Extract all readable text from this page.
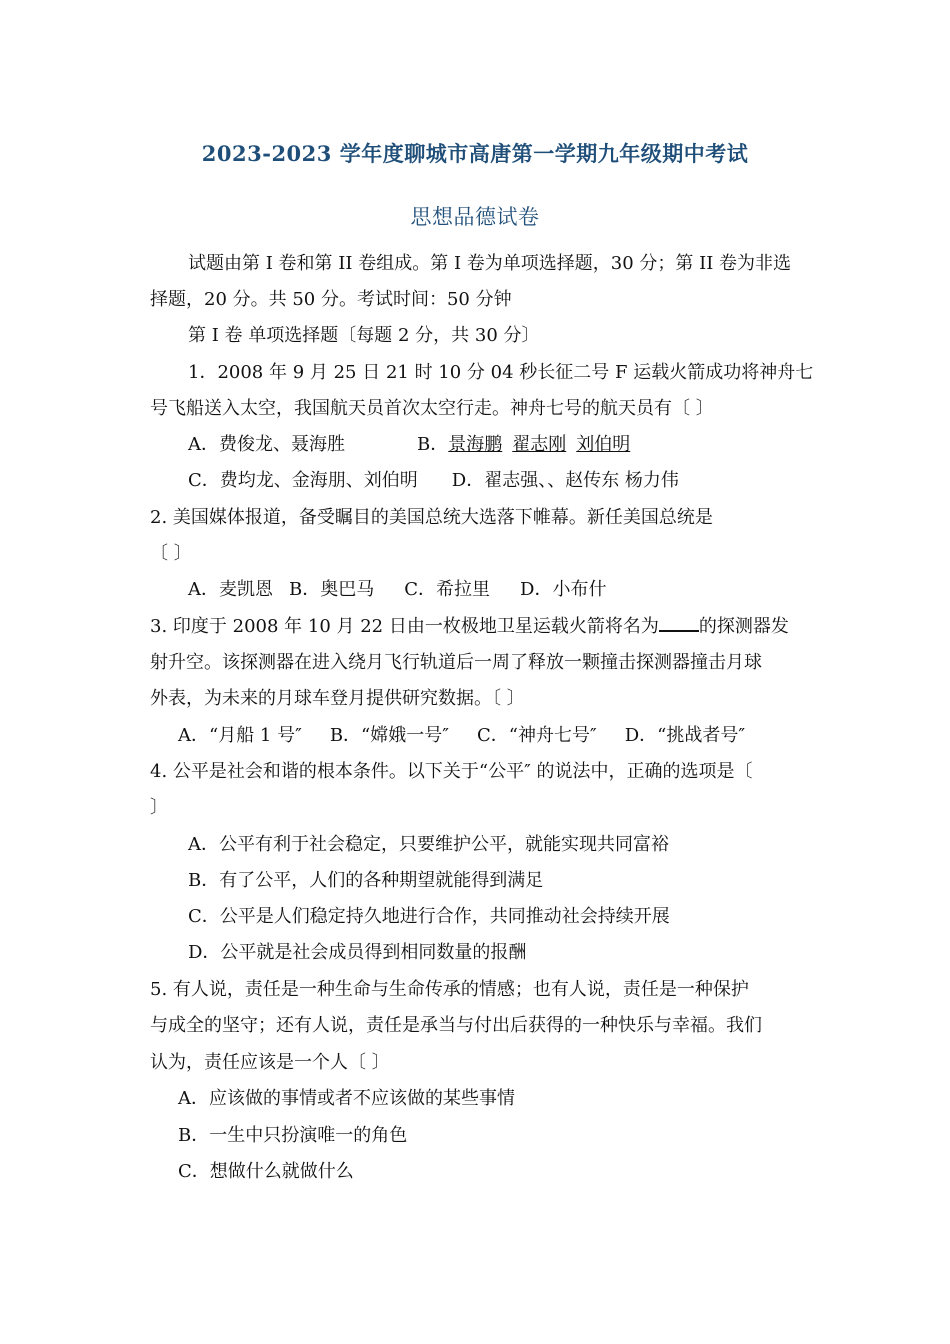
2023-2023 学年度聊城市高唐第一学期九年级期中考试
思想品德试卷
试题由第 I 卷和第 II 卷组成。第 I 卷为单项选择题，30 分；第 II 卷为非选
择题，20 分。共 50 分。考试时间：50 分钟
第 I 卷 单项选择题〔每题 2 分，共 30 分〕
1．2008 年 9 月 25 日 21 时 10 分 04 秒长征二号 F 运载火箭成功将神舟七
号飞船送入太空，我国航天员首次太空行走。神舟七号的航天员有〔 〕
A．费俊龙、聂海胜	B．景海鹏 翟志刚 刘伯明
C．费均龙、金海朋、刘伯明 D．翟志强、、赵传东 杨力伟
2. 美国媒体报道，备受瞩目的美国总统大选落下帷幕。新任美国总统是
〔 〕
A．麦凯恩 B．奥巴马 C．希拉里 D．小布什
3. 印度于 2008 年 10 月 22 日由一枚极地卫星运载火箭将名为 的探测器发
射升空。该探测器在进入绕月飞行轨道后一周了释放一颗撞击探测器撞击月球
外表，为未来的月球车登月提供研究数据。〔 〕
A．“月船 1 号″ B．“嫦娥一号″ C．“神舟七号″ D．“挑战者号″
4. 公平是社会和谐的根本条件。以下关于“公平″ 的说法中，正确的选项是〔
〕
A．公平有利于社会稳定，只要维护公平，就能实现共同富裕
B．有了公平，人们的各种期望就能得到满足
C．公平是人们稳定持久地进行合作，共同推动社会持续开展
D．公平就是社会成员得到相同数量的报酬
5. 有人说，责任是一种生命与生命传承的情感；也有人说，责任是一种保护
与成全的坚守；还有人说，责任是承当与付出后获得的一种快乐与幸福。我们
认为，责任应该是一个人〔 〕
A．应该做的事情或者不应该做的某些事情
B．一生中只扮演唯一的角色
C．想做什么就做什么
